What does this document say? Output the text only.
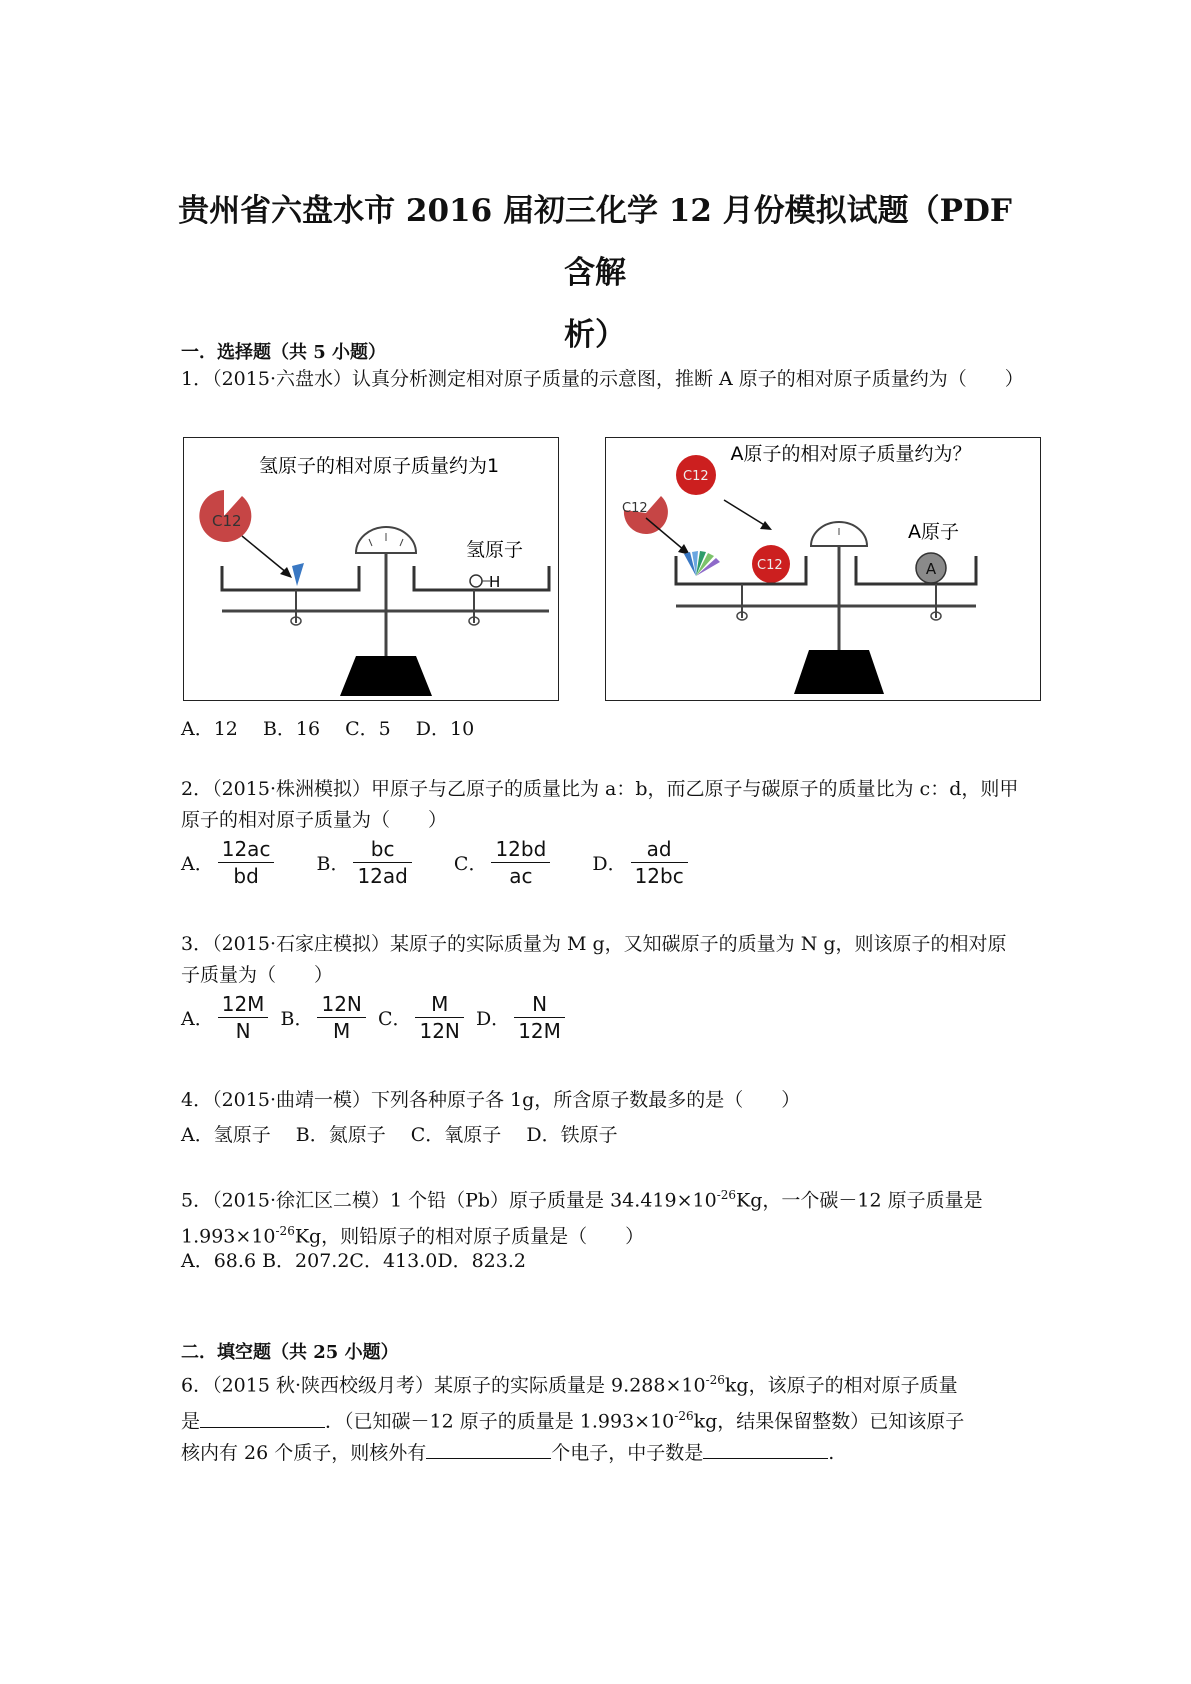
贵州省六盘水市 2016 届初三化学 12 月份模拟试题（PDF　含解
析）
一．选择题（共 5 小题）
1．（2015·六盘水）认真分析测定相对原子质量的示意图，推断 A 原子的相对原子质量约为（　　）
氢原子的相对原子质量约为1
C12
氢原子
H
A原子的相对原子质量约为？
C12
C12
C12
A原子
A
A．12　 B．16　 C．5　 D．10
2．（2015·株洲模拟）甲原子与乙原子的质量比为 a：b，而乙原子与碳原子的质量比为 c：d，则甲原子的相对原子质量为（　　）
A． $\frac{12ac}{bd}$
B． $\frac{bc}{12ad}$
C． $\frac{12bd}{ac}$
D． $\frac{ad}{12bc}$
3．（2015·石家庄模拟）某原子的实际质量为 M g，又知碳原子的质量为 N g，则该原子的相对原子质量为（　　）
A． $\frac{12M}{N}$
B． $\frac{12N}{M}$
C． $\frac{M}{12N}$
D． $\frac{N}{12M}$
4．（2015·曲靖一模）下列各种原子各 1g，所含原子数最多的是（　　）
A．氢原子　 B．氮原子　 C．氧原子　 D．铁原子
5．（2015·徐汇区二模）1 个铅（Pb）原子质量是 $34.419\times 10^{-26}Kg$，一个碳－12 原子质量是
$1.993\times 10^{-26}Kg$，则铅原子的相对原子质量是（　　）
A．68.6 B．207.2C．413.0D．823.2
二．填空题（共 25 小题）
6．（2015 秋·陕西校级月考）某原子的实际质量是 $9.288\times 10^{-26}kg$，该原子的相对原子质量
是	．（已知碳－12 原子的质量是 $1.993\times 10^{-26}kg$，结果保留整数）已知该原子
核内有 26 个质子，则核外有	个电子，中子数是	.
